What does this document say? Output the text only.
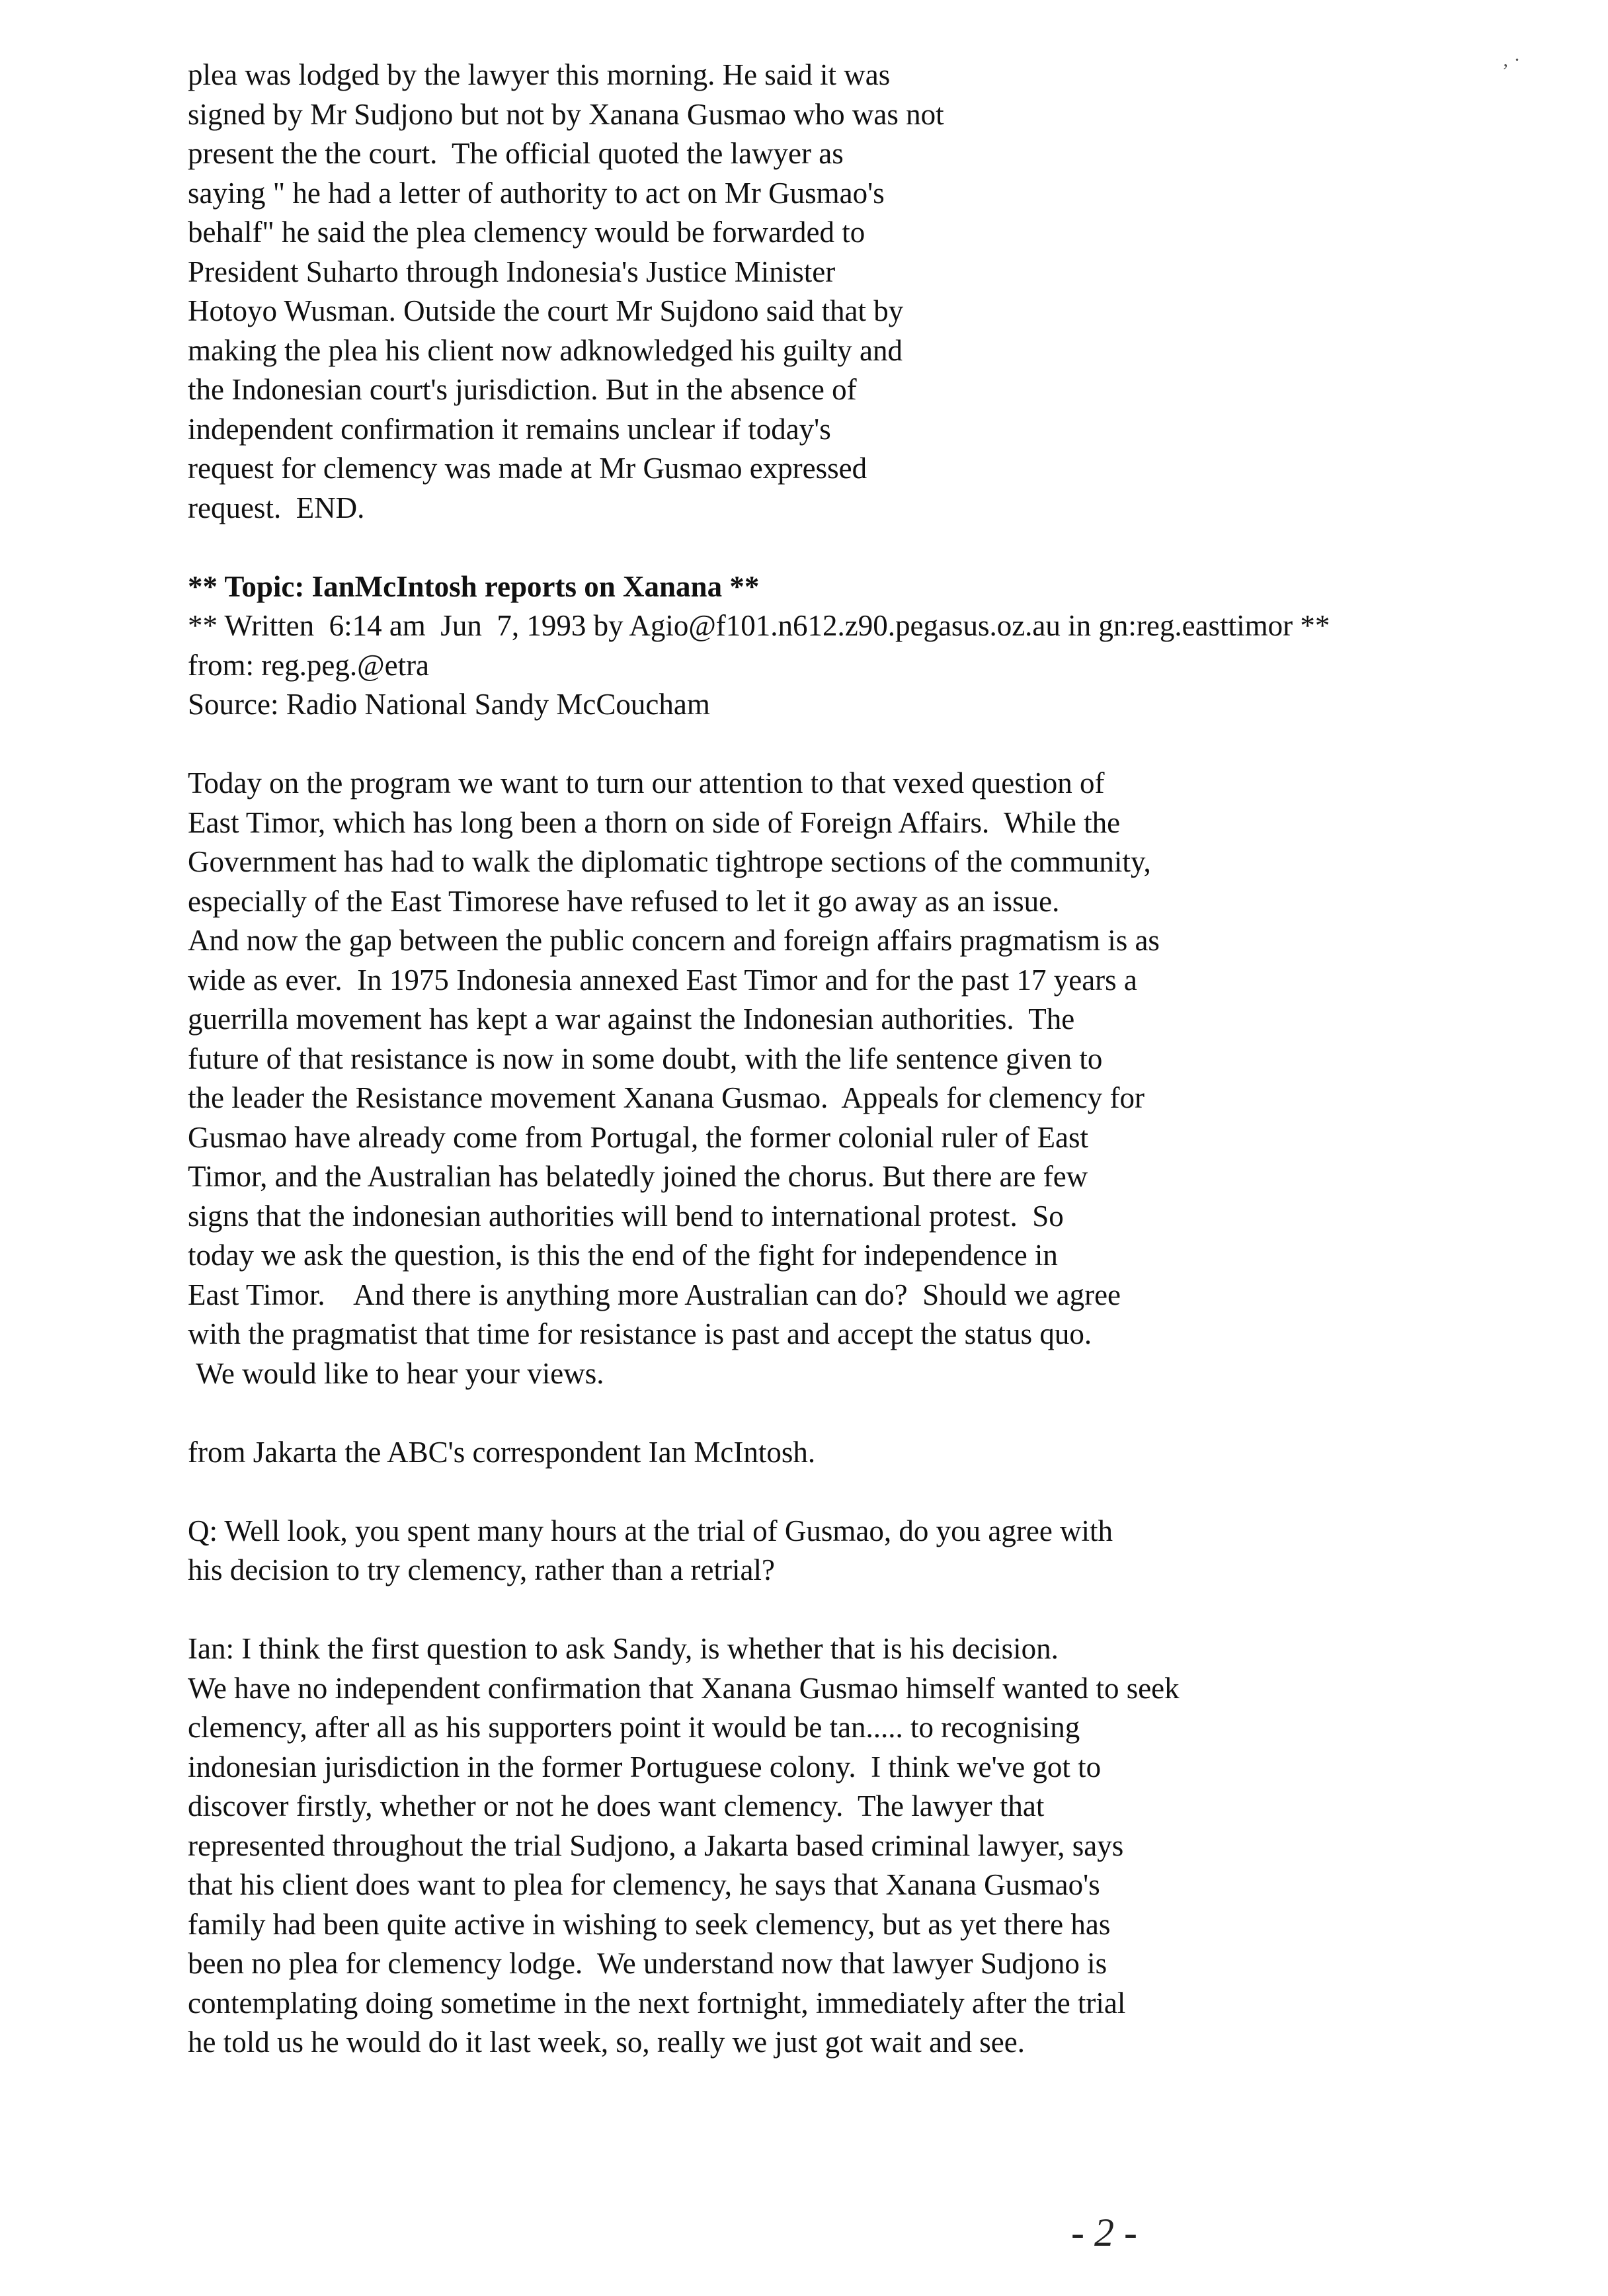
plea was lodged by the lawyer this morning. He said it was
signed by Mr Sudjono but not by Xanana Gusmao who was not
present the the court.  The official quoted the lawyer as
saying " he had a letter of authority to act on Mr Gusmao's
behalf" he said the plea clemency would be forwarded to
President Suharto through Indonesia's Justice Minister
Hotoyo Wusman. Outside the court Mr Sujdono said that by
making the plea his client now adknowledged his guilty and
the Indonesian court's jurisdiction. But in the absence of
independent confirmation it remains unclear if today's
request for clemency was made at Mr Gusmao expressed
request.  END.
** Topic: IanMcIntosh reports on Xanana **
** Written  6:14 am  Jun  7, 1993 by Agio@f101.n612.z90.pegasus.oz.au in gn:reg.easttimor **
from: reg.peg.@etra
Source: Radio National Sandy McCoucham
Today on the program we want to turn our attention to that vexed question of
East Timor, which has long been a thorn on side of Foreign Affairs.  While the
Government has had to walk the diplomatic tightrope sections of the community,
especially of the East Timorese have refused to let it go away as an issue.
And now the gap between the public concern and foreign affairs pragmatism is as
wide as ever.  In 1975 Indonesia annexed East Timor and for the past 17 years a
guerrilla movement has kept a war against the Indonesian authorities.  The
future of that resistance is now in some doubt, with the life sentence given to
the leader the Resistance movement Xanana Gusmao.  Appeals for clemency for
Gusmao have already come from Portugal, the former colonial ruler of East
Timor, and the Australian has belatedly joined the chorus. But there are few
signs that the indonesian authorities will bend to international protest.  So
today we ask the question, is this the end of the fight for independence in
East Timor.    And there is anything more Australian can do?  Should we agree
with the pragmatist that time for resistance is past and accept the status quo.
We would like to hear your views.
from Jakarta the ABC's correspondent Ian McIntosh.
Q: Well look, you spent many hours at the trial of Gusmao, do you agree with
his decision to try clemency, rather than a retrial?
Ian: I think the first question to ask Sandy, is whether that is his decision.
We have no independent confirmation that Xanana Gusmao himself wanted to seek
clemency, after all as his supporters point it would be tan..... to recognising
indonesian jurisdiction in the former Portuguese colony.  I think we've got to
discover firstly, whether or not he does want clemency.  The lawyer that
represented throughout the trial Sudjono, a Jakarta based criminal lawyer, says
that his client does want to plea for clemency, he says that Xanana Gusmao's
family had been quite active in wishing to seek clemency, but as yet there has
been no plea for clemency lodge.  We understand now that lawyer Sudjono is
contemplating doing sometime in the next fortnight, immediately after the trial
he told us he would do it last week, so, really we just got wait and see.
‚ ·
- 2 -
